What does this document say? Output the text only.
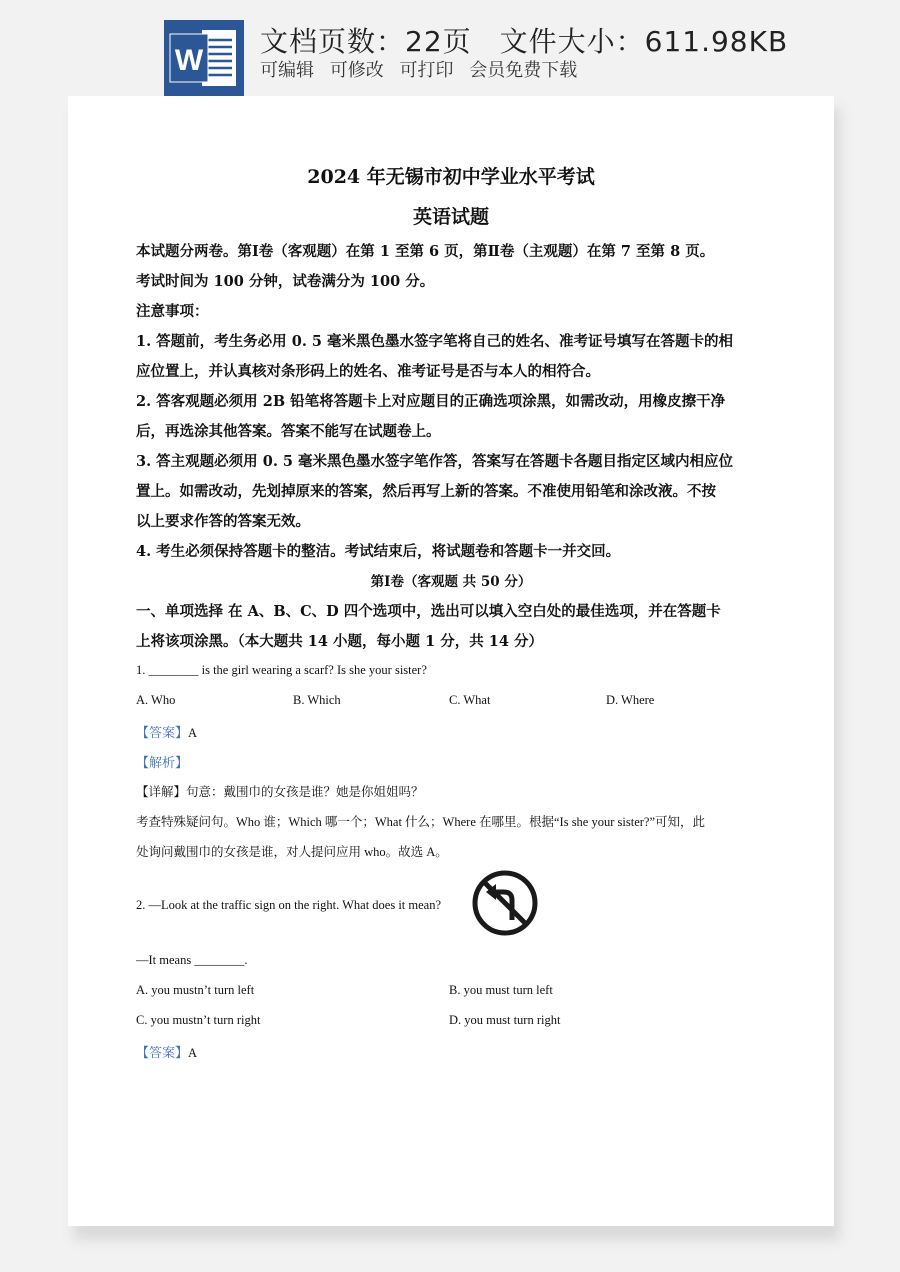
W
文档页数：22页 文件大小：611.98KB
可编辑 可修改 可打印 会员免费下载
2024 年无锡市初中学业水平考试
英语试题
本试题分两卷。第Ⅰ卷（客观题）在第 1 至第 6 页，第Ⅱ卷（主观题）在第 7 至第 8 页。
考试时间为 100 分钟，试卷满分为 100 分。
注意事项：
1. 答题前，考生务必用 0. 5 毫米黑色墨水签字笔将自己的姓名、准考证号填写在答题卡的相
应位置上，并认真核对条形码上的姓名、准考证号是否与本人的相符合。
2. 答客观题必须用 2B 铅笔将答题卡上对应题目的正确选项涂黑，如需改动，用橡皮擦干净
后，再选涂其他答案。答案不能写在试题卷上。
3. 答主观题必须用 0. 5 毫米黑色墨水签字笔作答，答案写在答题卡各题目指定区域内相应位
置上。如需改动，先划掉原来的答案，然后再写上新的答案。不准使用铅笔和涂改液。不按
以上要求作答的答案无效。
4. 考生必须保持答题卡的整洁。考试结束后，将试题卷和答题卡一并交回。
第Ⅰ卷（客观题 共 50 分）
一、单项选择 在 A、B、C、D 四个选项中，选出可以填入空白处的最佳选项，并在答题卡
上将该项涂黑。（本大题共 14 小题，每小题 1 分，共 14 分）
1. ________ is the girl wearing a scarf? Is she your sister?
A. Who	B. Which	C. What	D. Where
【答案】A
【解析】
【详解】句意：戴围巾的女孩是谁？她是你姐姐吗？
考查特殊疑问句。Who 谁；Which 哪一个；What 什么；Where 在哪里。根据“Is she your sister?”可知，此
处询问戴围巾的女孩是谁，对人提问应用 who。故选 A。
2. —Look at the traffic sign on the right. What does it mean?
—It means ________.
A. you mustn’t turn left	B. you must turn left
C. you mustn’t turn right	D. you must turn right
【答案】A
